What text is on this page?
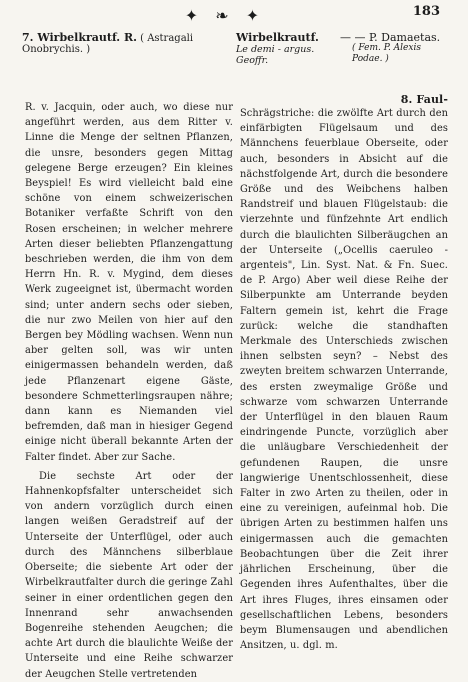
✦ ❧ ✦	183
7. Wirbelkrautf. R. ( Astragali Onobrychis. )
Wirbelkrautf.
Le demi - argus. Geoffr.
— — P. Damaetas.
( Fem. P. Alexis Podae. )

R. v. Jacquin, oder auch, wo diese nur angeführt werden, aus dem Ritter v. Linne die Menge der seltnen Pflanzen, die unsre, besonders gegen Mittag gelegene Berge erzeugen? Ein kleines Beyspiel! Es wird vielleicht bald eine schöne von einem schweizerischen Botaniker verfaßte Schrift von den Rosen erscheinen; in welcher mehrere Arten dieser beliebten Pflanzengattung beschrieben werden, die ihm von dem Herrn Hn. R. v. Mygind, dem dieses Werk zugeeignet ist, übermacht worden sind; unter andern sechs oder sieben, die nur zwo Meilen von hier auf den Bergen bey Mödling wachsen. Wenn nun aber gelten soll, was wir unten einigermassen behandeln werden, daß jede Pflanzenart eigene Gäste, besondere Schmetterlingsraupen nähre; dann kann es Niemanden viel befremden, daß man in hiesiger Gegend einige nicht überall bekannte Arten der Falter findet. Aber zur Sache.

Die sechste Art oder der Hahnenkopfsfalter unterscheidet sich von andern vorzüglich durch einen langen weißen Geradstreif auf der Unterseite der Unterflügel, oder auch durch des Männchens silberblaue Oberseite; die siebente Art oder der Wirbelkrautfalter durch die geringe Zahl seiner in einer ordentlichen gegen den Innenrand sehr anwachsenden Bogenreihe stehenden Aeugchen; die achte Art durch die blaulichte Weiße der Unterseite und eine Reihe schwarzer der Aeugchen Stelle vertretenden

8. Faul-

Schrägstriche: die zwölfte Art durch den einfärbigten Flügelsaum und des Männchens feuerblaue Oberseite, oder auch, besonders in Absicht auf die nächstfolgende Art, durch die besondere Größe und des Weibchens halben Randstreif und blauen Flügelstaub: die vierzehnte und fünfzehnte Art endlich durch die blaulichten Silberäugchen an der Unterseite („Ocellis caeruleo - argenteis", Lin. Syst. Nat. & Fn. Suec. de P. Argo) Aber weil diese Reihe der Silberpunkte am Unterrande beyden Faltern gemein ist, kehrt die Frage zurück: welche die standhaften Merkmale des Unterschieds zwischen ihnen selbsten seyn? – Nebst des zweyten breitem schwarzen Unterrande, des ersten zweymalige Größe und schwarze vom schwarzen Unterrande der Unterflügel in den blauen Raum eindringende Puncte, vorzüglich aber die unläugbare Verschiedenheit der gefundenen Raupen, die unsre langwierige Unentschlossenheit, diese Falter in zwo Arten zu theilen, oder in eine zu vereinigen, aufeinmal hob. Die übrigen Arten zu bestimmen halfen uns einigermassen auch die gemachten Beobachtungen über die Zeit ihrer jährlichen Erscheinung, über die Gegenden ihres Aufenthaltes, über die Art ihres Fluges, ihres einsamen oder gesellschaftlichen Lebens, besonders beym Blumensaugen und abendlichen Ansitzen, u. dgl. m.
